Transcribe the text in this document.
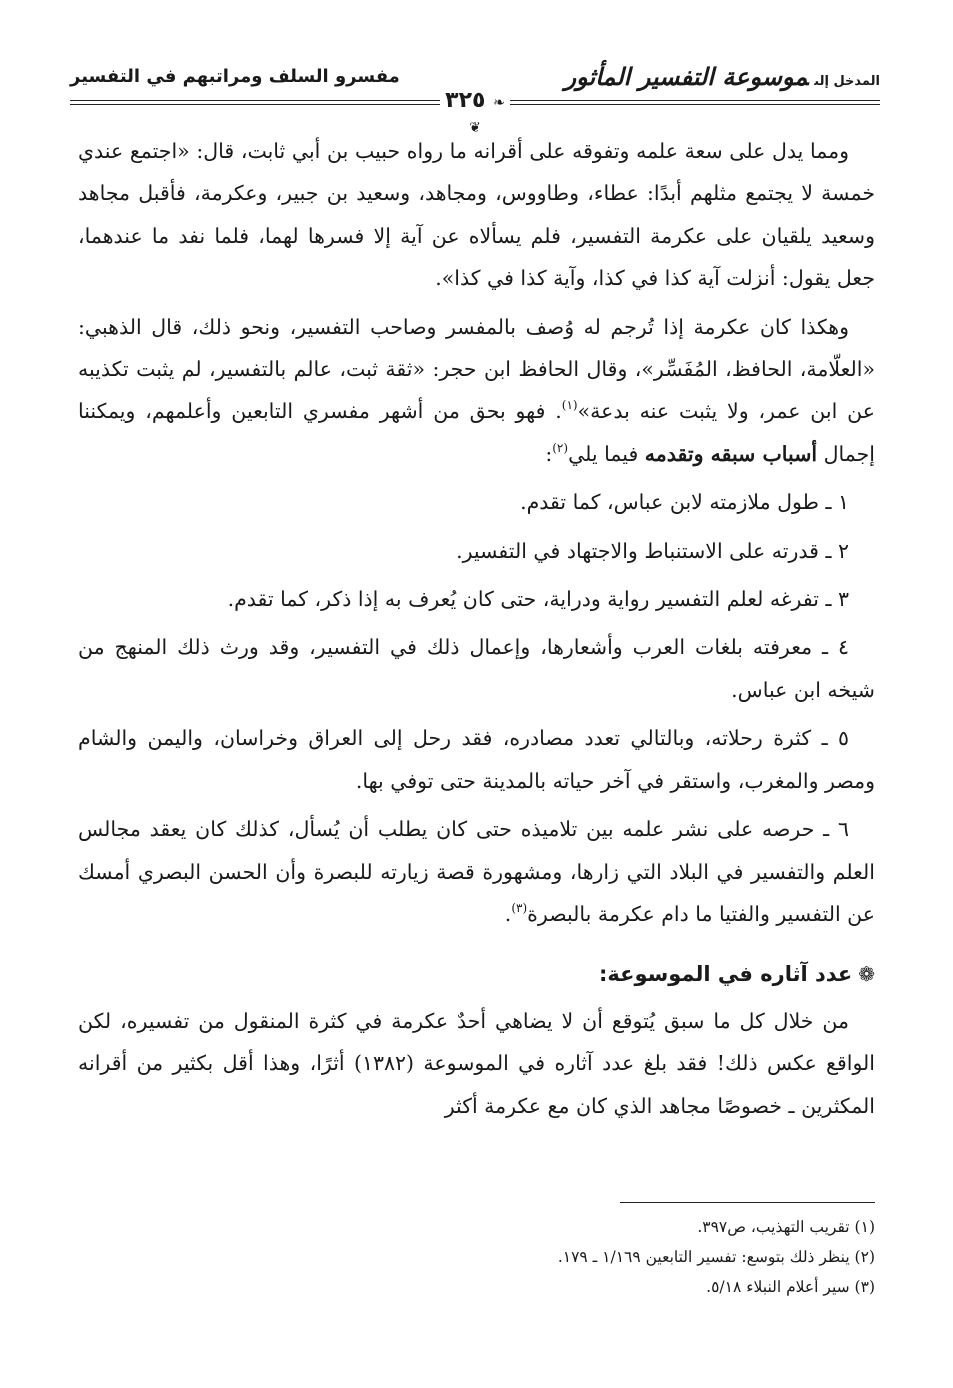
المدخل إلىموسوعة التفسير المأثور
مفسرو السلف ومراتبهم في التفسير
❧ ٣٢٥ ❦

ومما يدل على سعة علمه وتفوقه على أقرانه ما رواه حبيب بن أبي ثابت، قال: «اجتمع عندي خمسة لا يجتمع مثلهم أبدًا: عطاء، وطاووس، ومجاهد، وسعيد بن جبير، وعكرمة، فأقبل مجاهد وسعيد يلقيان على عكرمة التفسير، فلم يسألاه عن آية إلا فسرها لهما، فلما نفد ما عندهما، جعل يقول: أنزلت آية كذا في كذا، وآية كذا في كذا».

وهكذا كان عكرمة إذا تُرجم له وُصف بالمفسر وصاحب التفسير، ونحو ذلك، قال الذهبي: «العلّامة، الحافظ، المُفَسِّر»، وقال الحافظ ابن حجر: «ثقة ثبت، عالم بالتفسير، لم يثبت تكذيبه عن ابن عمر، ولا يثبت عنه بدعة»$^{(١)}$. فهو بحق من أشهر مفسري التابعين وأعلمهم، ويمكننا إجمال أسباب سبقه وتقدمه فيما يلي$^{(٢)}$:

١ ـ طول ملازمته لابن عباس، كما تقدم.

٢ ـ قدرته على الاستنباط والاجتهاد في التفسير.

٣ ـ تفرغه لعلم التفسير رواية ودراية، حتى كان يُعرف به إذا ذكر، كما تقدم.

٤ ـ معرفته بلغات العرب وأشعارها، وإعمال ذلك في التفسير، وقد ورث ذلك المنهج من شيخه ابن عباس.

٥ ـ كثرة رحلاته، وبالتالي تعدد مصادره، فقد رحل إلى العراق وخراسان، واليمن والشام ومصر والمغرب، واستقر في آخر حياته بالمدينة حتى توفي بها.

٦ ـ حرصه على نشر علمه بين تلاميذه حتى كان يطلب أن يُسأل، كذلك كان يعقد مجالس العلم والتفسير في البلاد التي زارها، ومشهورة قصة زيارته للبصرة وأن الحسن البصري أمسك عن التفسير والفتيا ما دام عكرمة بالبصرة$^{(٣)}$.

❁عدد آثاره في الموسوعة:

من خلال كل ما سبق يُتوقع أن لا يضاهي أحدٌ عكرمة في كثرة المنقول من تفسيره، لكن الواقع عكس ذلك! فقد بلغ عدد آثاره في الموسوعة (١٣٨٢) أثرًا، وهذا أقل بكثير من أقرانه المكثرين ـ خصوصًا مجاهد الذي كان مع عكرمة أكثر

(١) تقريب التهذيب، ص٣٩٧.

(٢) ينظر ذلك بتوسع: تفسير التابعين ١/١٦٩ ـ ١٧٩.

(٣) سير أعلام النبلاء ٥/١٨.
